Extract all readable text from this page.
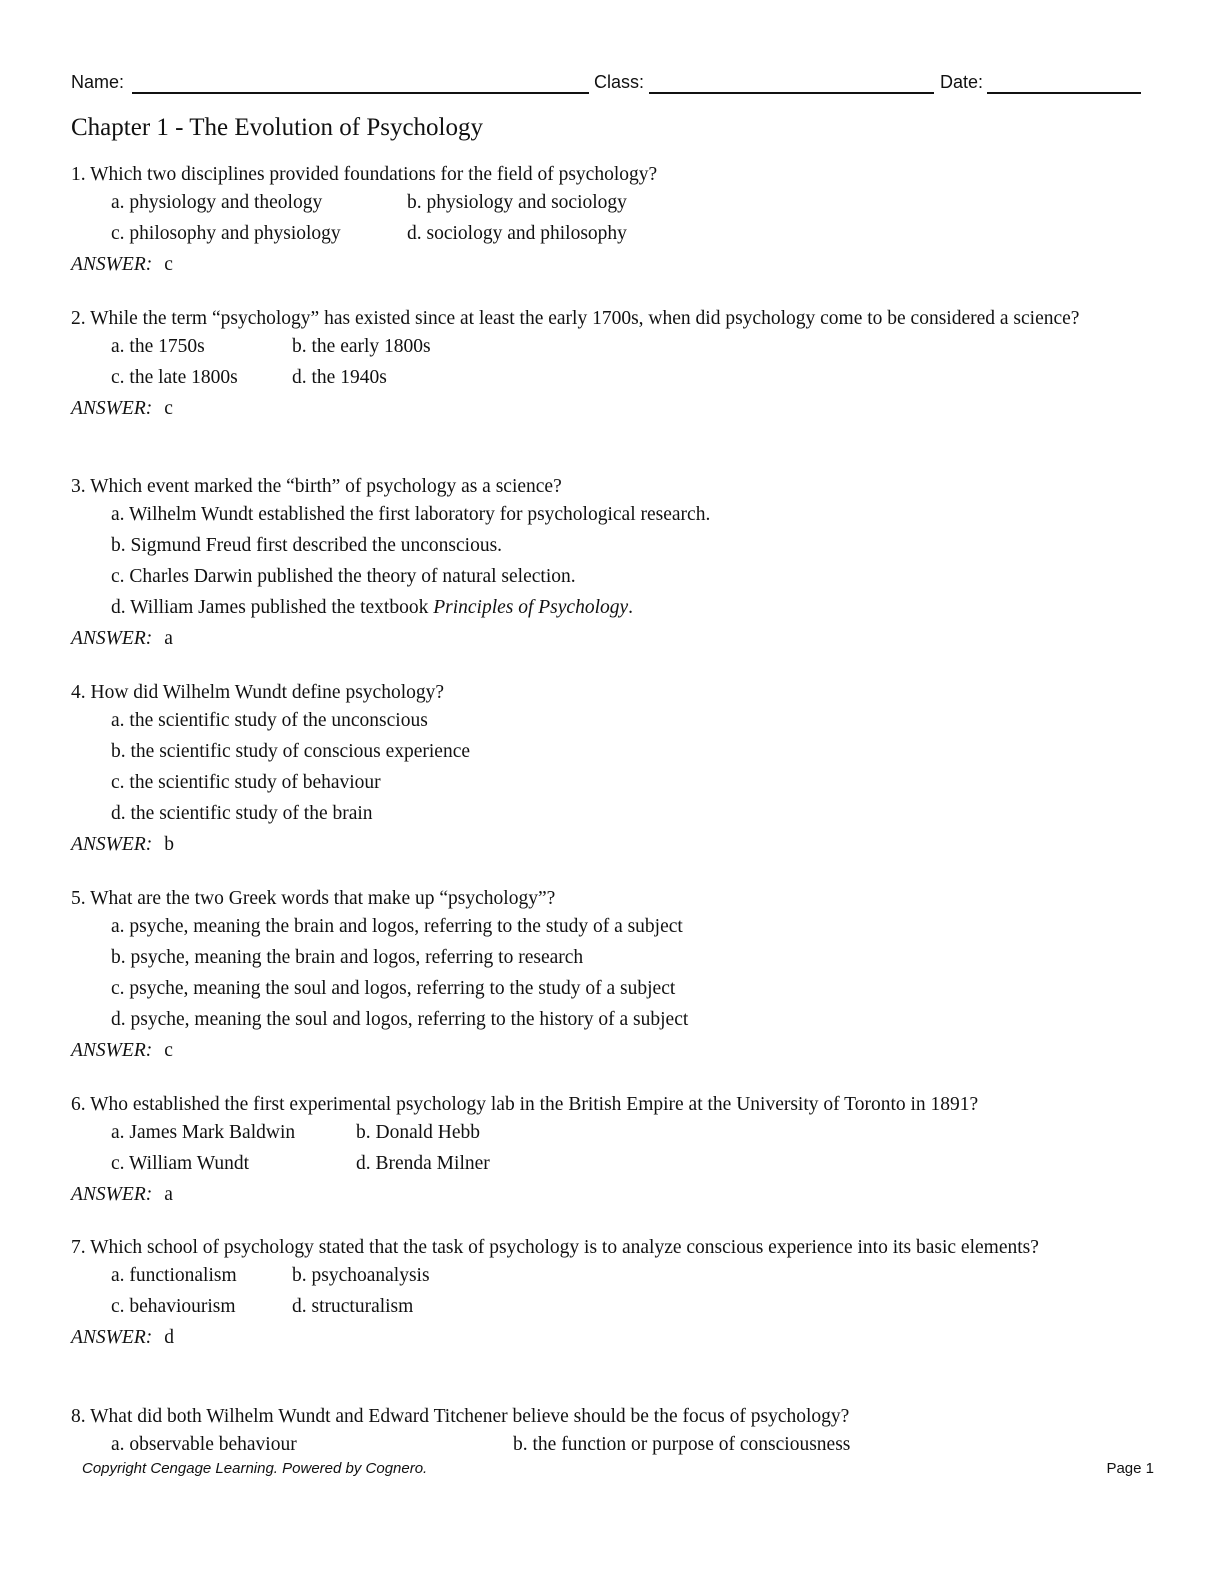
Name:	Class:	Date:
Chapter 1 - The Evolution of Psychology

1. Which two disciplines provided foundations for the field of psychology?

a. physiology and theology	b. physiology and sociology
c. philosophy and physiology	d. sociology and philosophy
ANSWER: c

2. While the term “psychology” has existed since at least the early 1700s, when did psychology come to be considered a science?

a. the 1750s	b. the early 1800s
c. the late 1800s	d. the 1940s
ANSWER: c

3. Which event marked the “birth” of psychology as a science?

a. Wilhelm Wundt established the first laboratory for psychological research.
b. Sigmund Freud first described the unconscious.
c. Charles Darwin published the theory of natural selection.
d. William James published the textbook Principles of Psychology.
ANSWER: a

4. How did Wilhelm Wundt define psychology?

a. the scientific study of the unconscious
b. the scientific study of conscious experience
c. the scientific study of behaviour
d. the scientific study of the brain
ANSWER: b

5. What are the two Greek words that make up “psychology”?

a. psyche, meaning the brain and logos, referring to the study of a subject
b. psyche, meaning the brain and logos, referring to research
c. psyche, meaning the soul and logos, referring to the study of a subject
d. psyche, meaning the soul and logos, referring to the history of a subject
ANSWER: c

6. Who established the first experimental psychology lab in the British Empire at the University of Toronto in 1891?

a. James Mark Baldwin	b. Donald Hebb
c. William Wundt	d. Brenda Milner
ANSWER: a

7. Which school of psychology stated that the task of psychology is to analyze conscious experience into its basic elements?

a. functionalism	b. psychoanalysis
c. behaviourism	d. structuralism
ANSWER: d

8. What did both Wilhelm Wundt and Edward Titchener believe should be the focus of psychology?

a. observable behaviour	b. the function or purpose of consciousness
Copyright Cengage Learning. Powered by Cognero.	Page 1
